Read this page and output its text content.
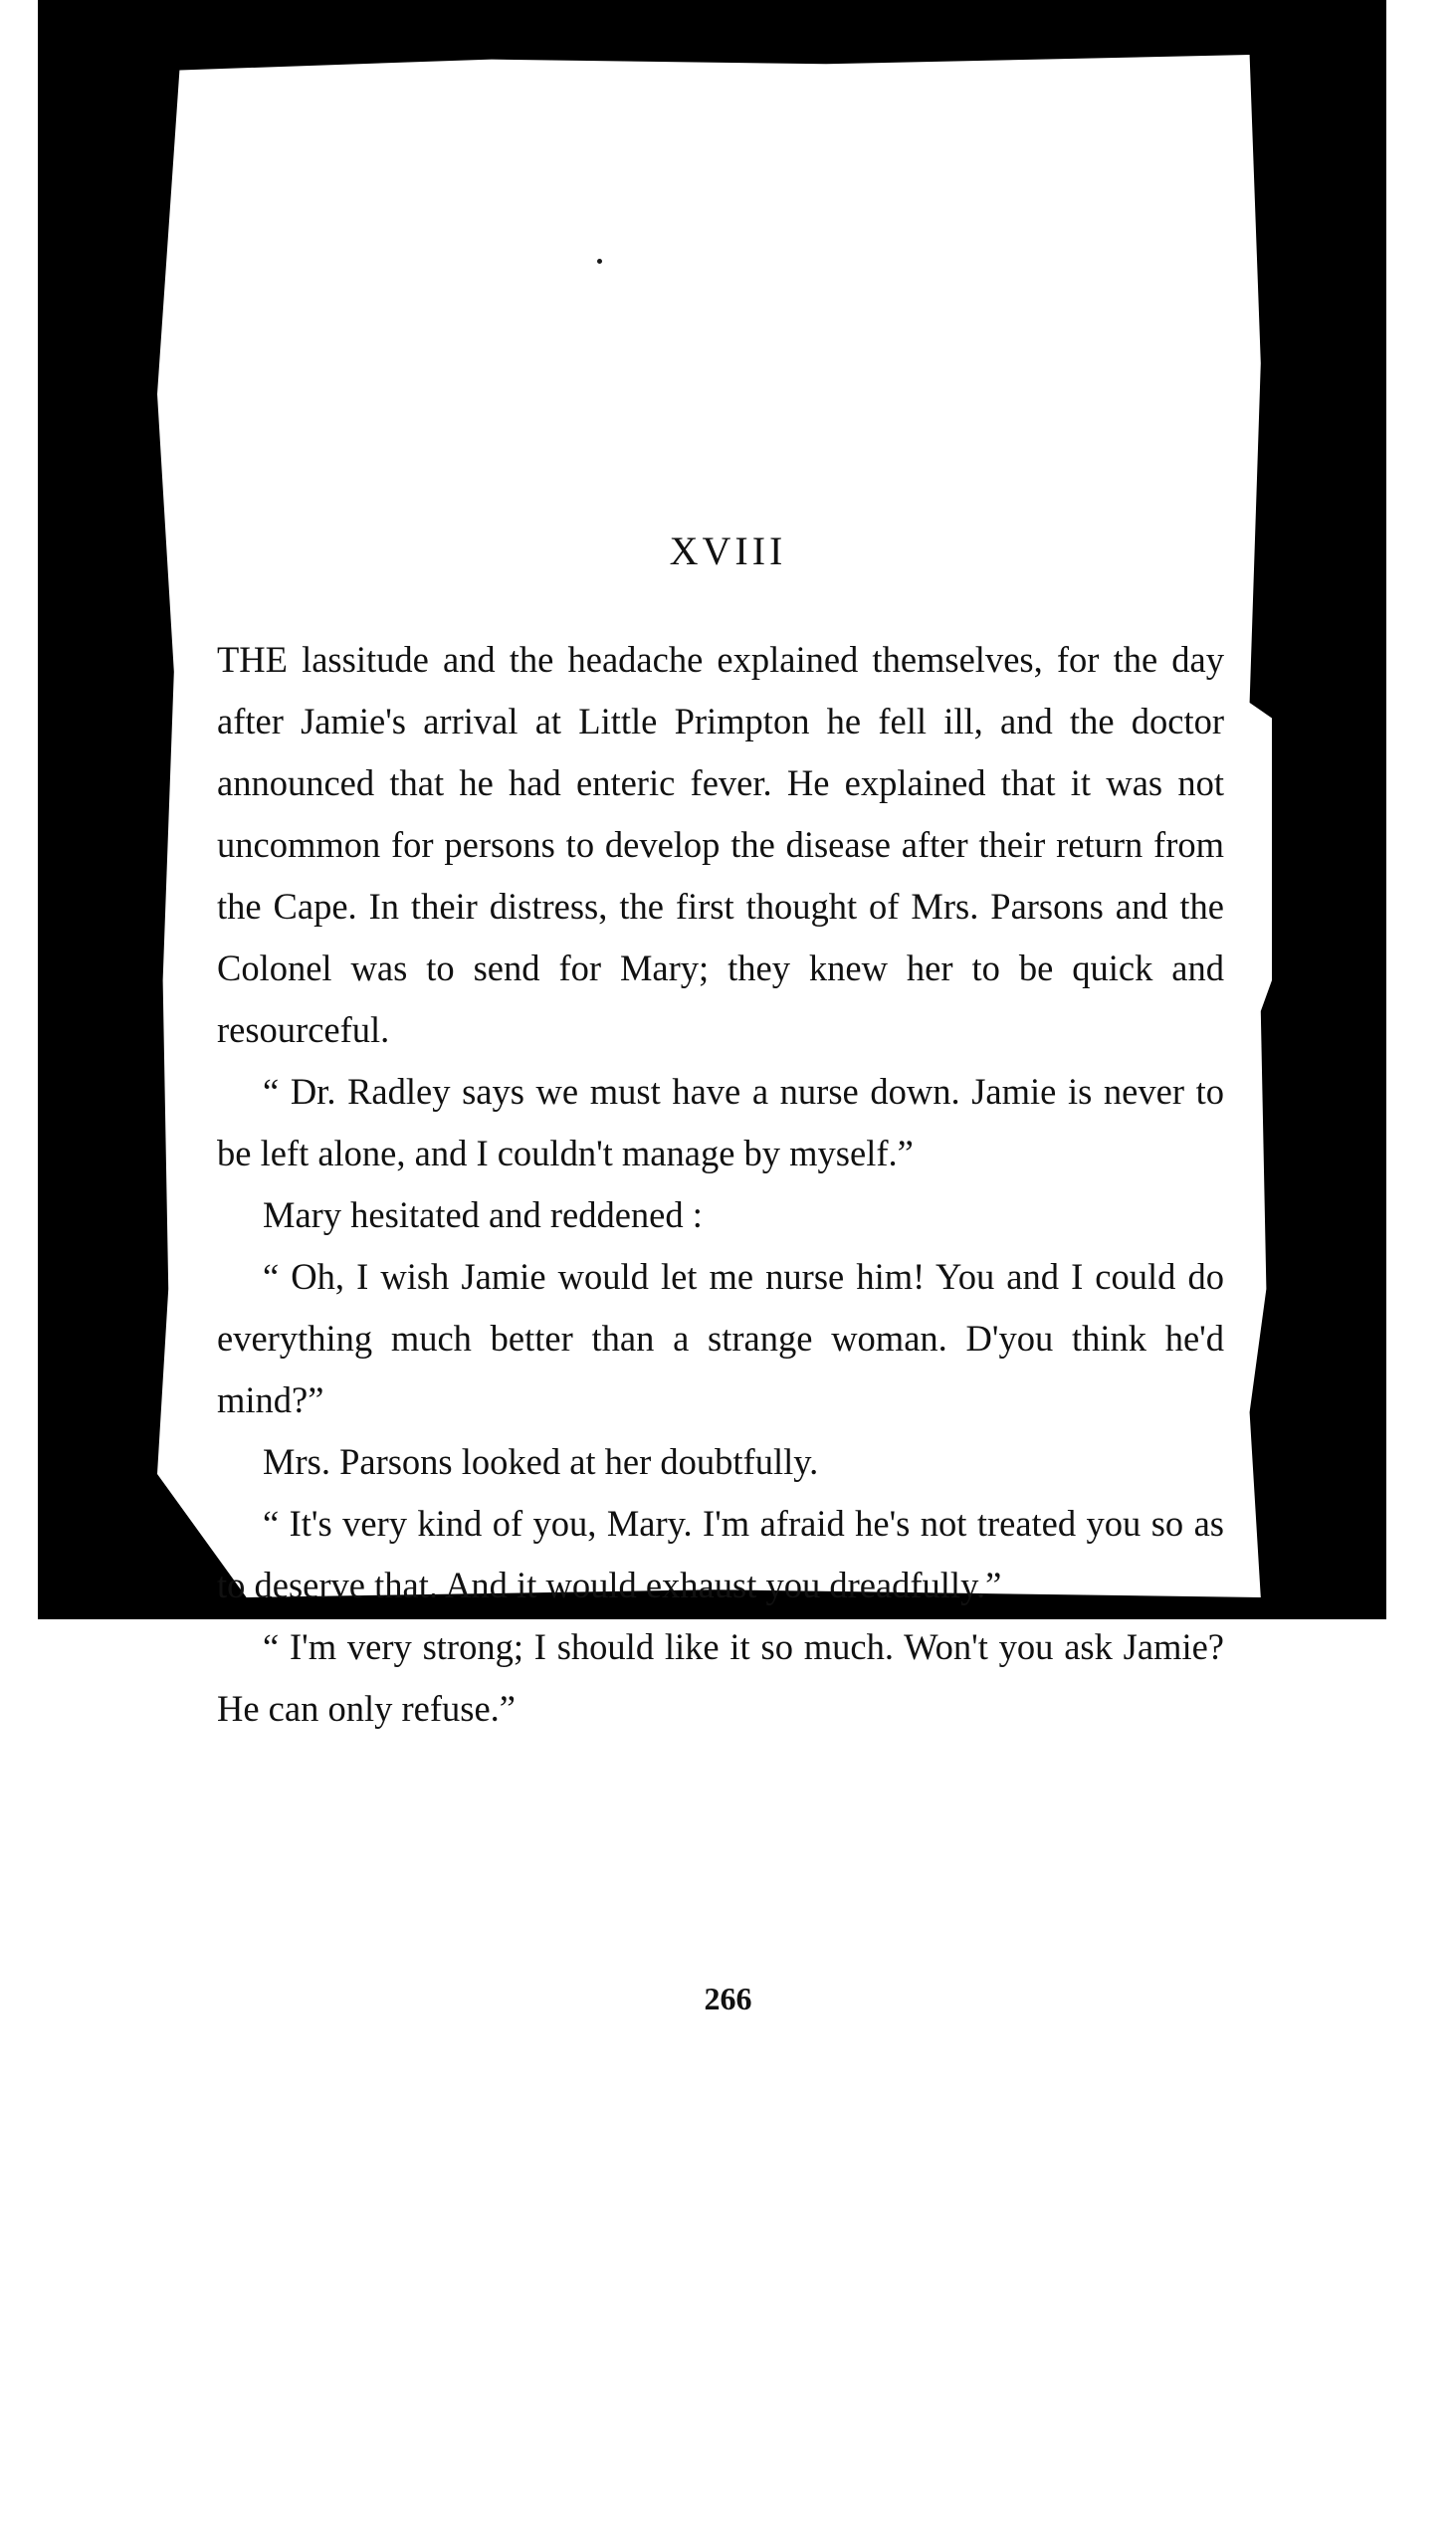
XVIII

THE lassitude and the headache explained themselves, for the day after Jamie's arrival at Little Primpton he fell ill, and the doctor announced that he had enteric fever. He explained that it was not uncommon for persons to develop the disease after their return from the Cape. In their distress, the first thought of Mrs. Parsons and the Colonel was to send for Mary; they knew her to be quick and resourceful.

“ Dr. Radley says we must have a nurse down. Jamie is never to be left alone, and I couldn't manage by myself.”

Mary hesitated and reddened :

“ Oh, I wish Jamie would let me nurse him! You and I could do everything much better than a strange woman. D'you think he'd mind?”

Mrs. Parsons looked at her doubtfully.

“ It's very kind of you, Mary. I'm afraid he's not treated you so as to deserve that. And it would exhaust you dreadfully.”

“ I'm very strong; I should like it so much. Won't you ask Jamie? He can only refuse.”

266
